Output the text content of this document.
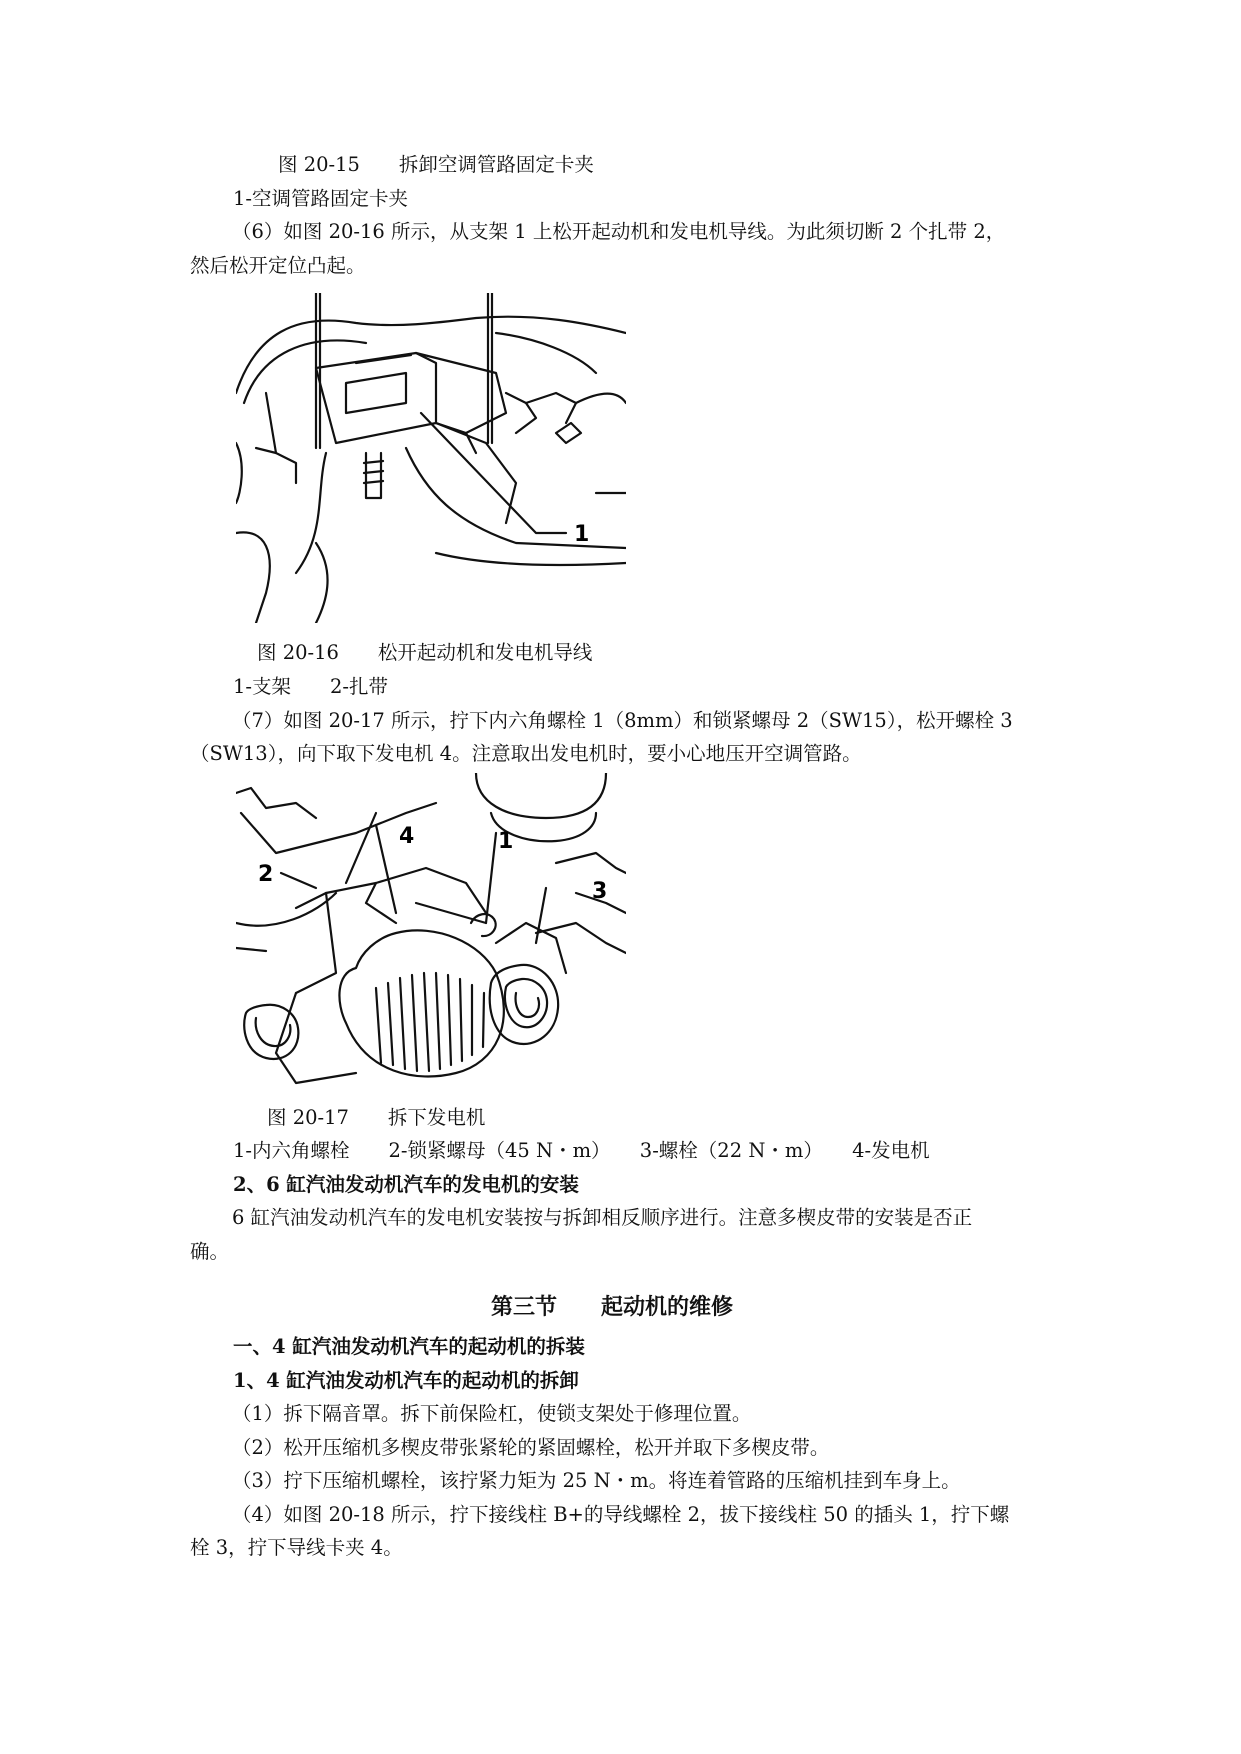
图 20-15　　拆卸空调管路固定卡夹
1-空调管路固定卡夹
（6）如图 20-16 所示，从支架 1 上松开起动机和发电机导线。为此须切断 2 个扎带 2，
然后松开定位凸起。
1
图 20-16　　松开起动机和发电机导线
1-支架　　2-扎带
（7）如图 20-17 所示，拧下内六角螺栓 1（8mm）和锁紧螺母 2（SW15），松开螺栓 3
（SW13），向下取下发电机 4。注意取出发电机时，要小心地压开空调管路。
2
4	1
3
图 20-17　　拆下发电机
1-内六角螺栓　　2-锁紧螺母（45 N・m）　　3-螺栓（22 N・m）　　4-发电机
2、6 缸汽油发动机汽车的发电机的安装
6 缸汽油发动机汽车的发电机安装按与拆卸相反顺序进行。注意多楔皮带的安装是否正
确。
第三节　　起动机的维修
一、4 缸汽油发动机汽车的起动机的拆装
1、4 缸汽油发动机汽车的起动机的拆卸
（1）拆下隔音罩。拆下前保险杠，使锁支架处于修理位置。
（2）松开压缩机多楔皮带张紧轮的紧固螺栓，松开并取下多楔皮带。
（3）拧下压缩机螺栓，该拧紧力矩为 25 N・m。将连着管路的压缩机挂到车身上。
（4）如图 20-18 所示，拧下接线柱 B+的导线螺栓 2，拔下接线柱 50 的插头 1，拧下螺
栓 3，拧下导线卡夹 4。
